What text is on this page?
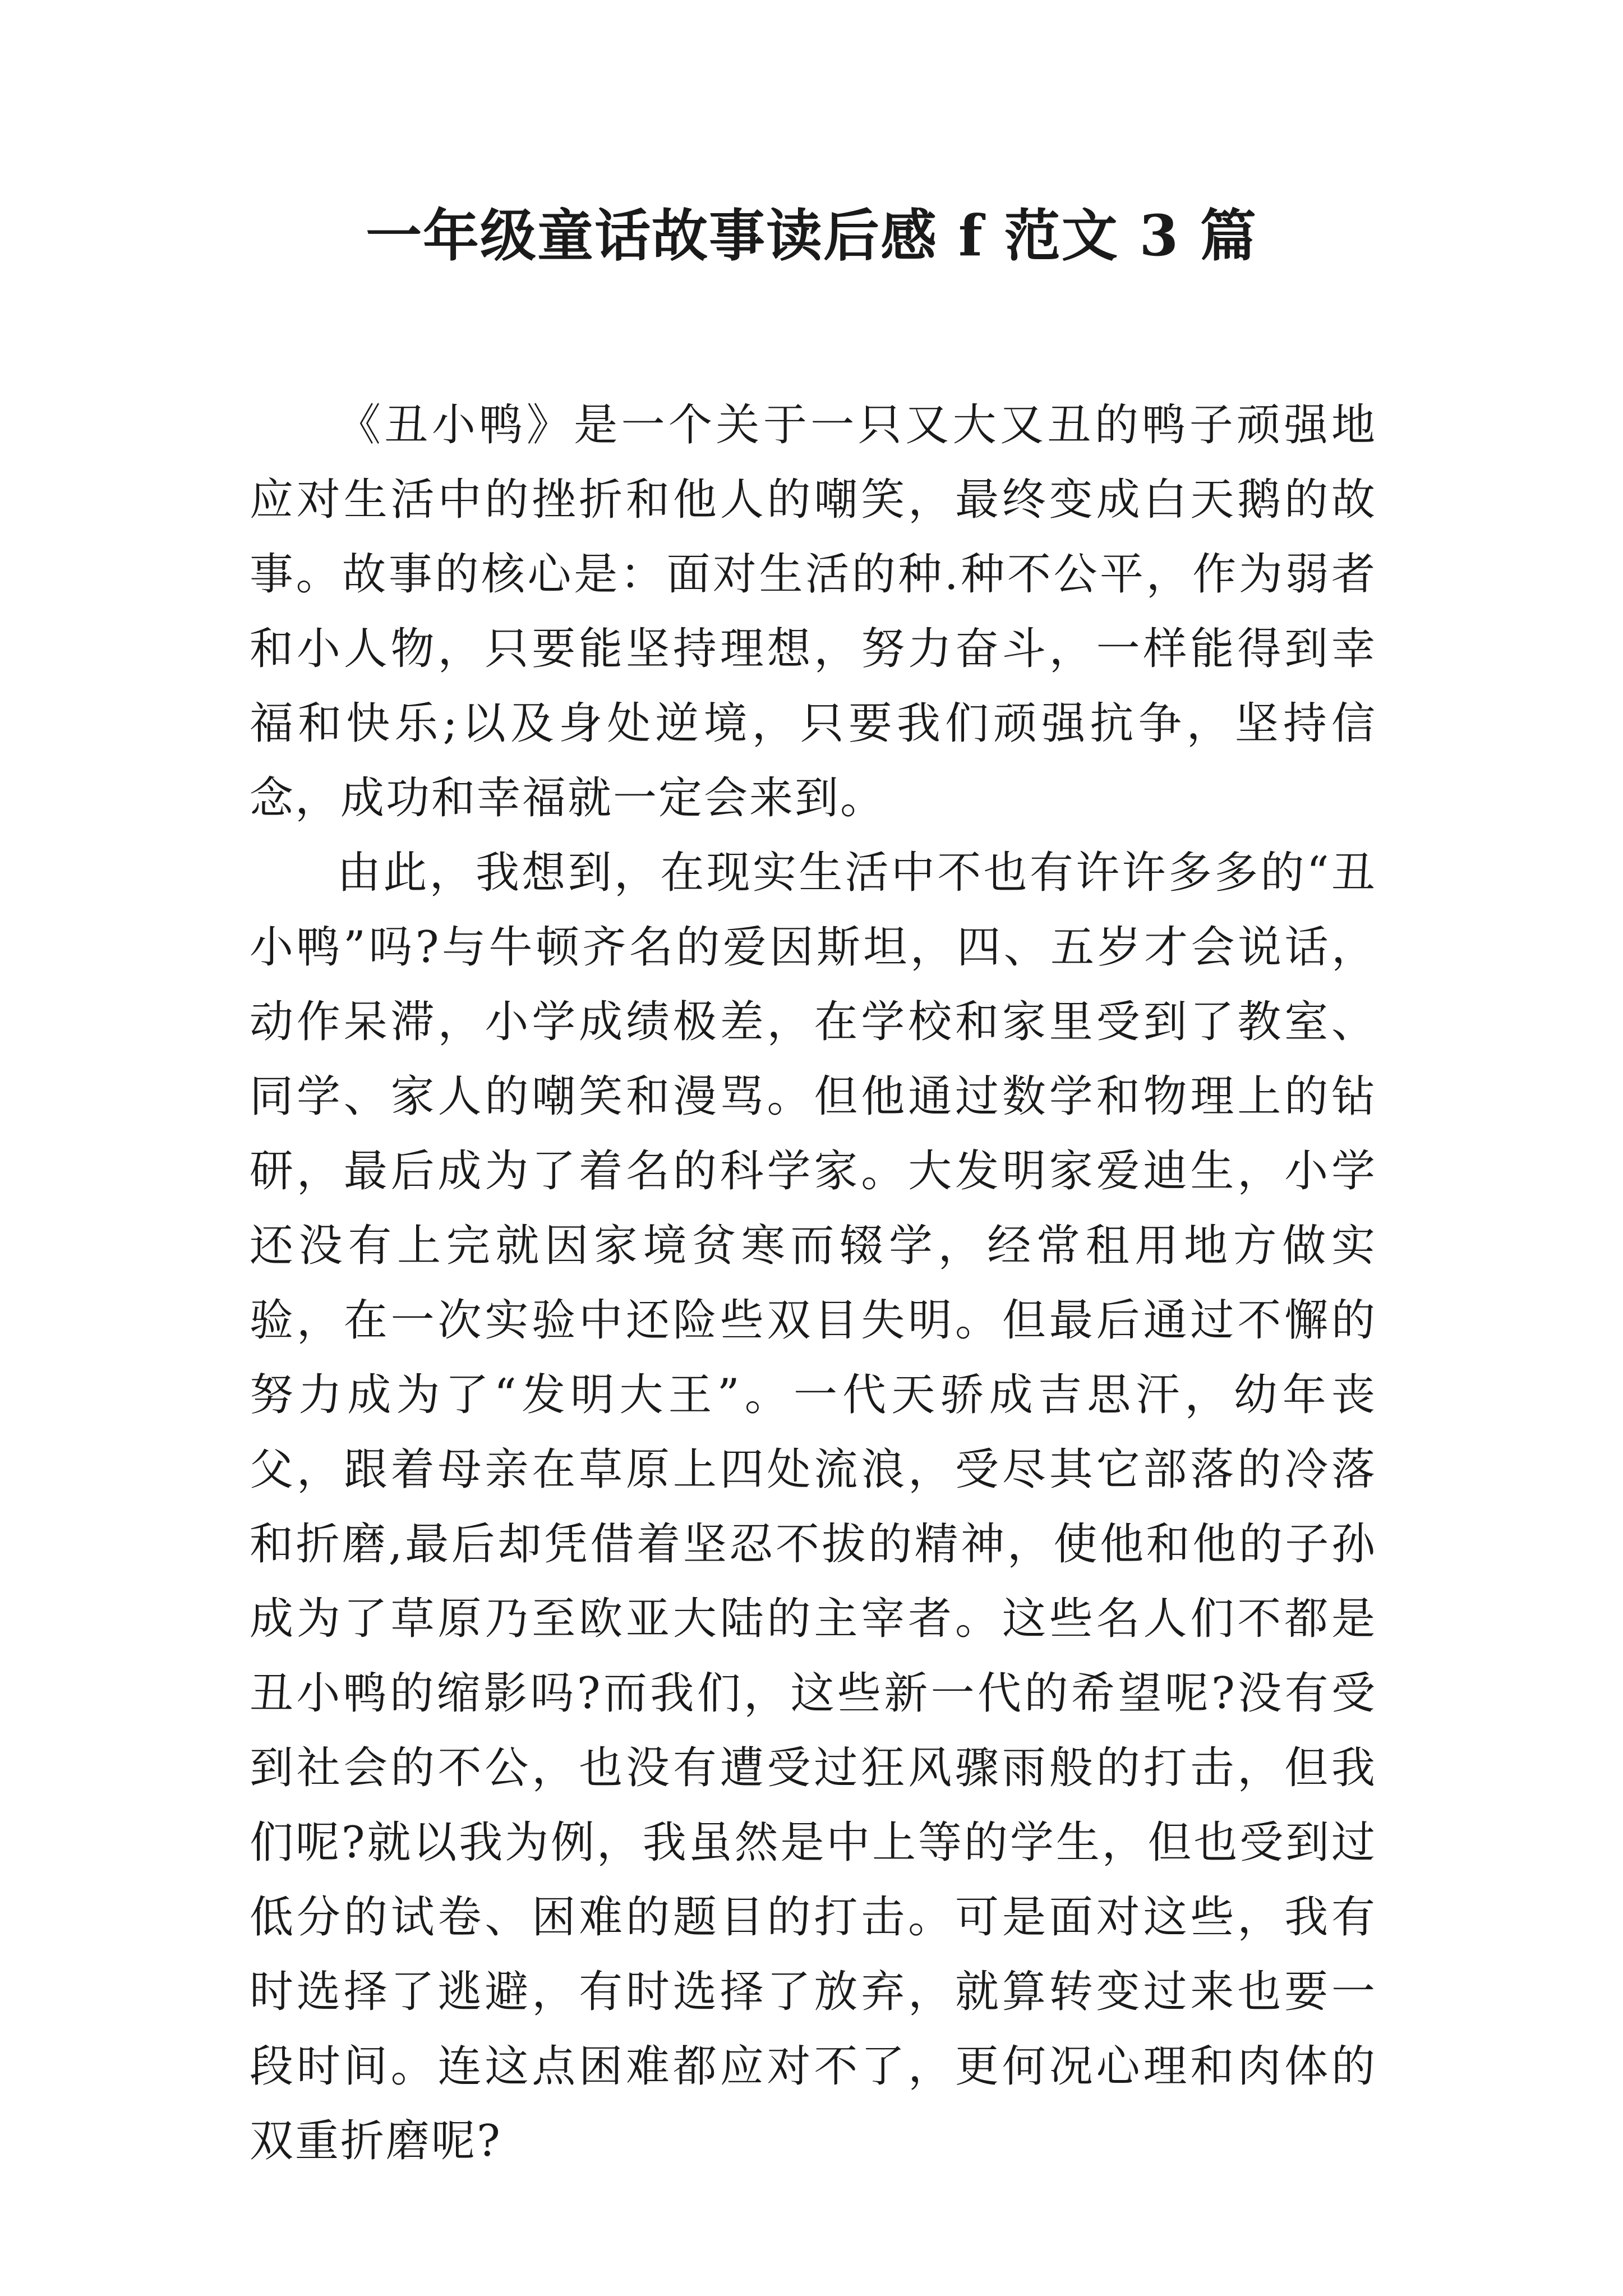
一年级童话故事读后感 f 范文 3 篇

《丑小鸭》是一个关于一只又大又丑的鸭子顽强地应对生活中的挫折和他人的嘲笑，最终变成白天鹅的故事。故事的核心是：面对生活的种.种不公平，作为弱者和小人物，只要能坚持理想，努力奋斗，一样能得到幸福和快乐;以及身处逆境，只要我们顽强抗争，坚持信念，成功和幸福就一定会来到。

由此，我想到，在现实生活中不也有许许多多的“丑小鸭”吗?与牛顿齐名的爱因斯坦，四、五岁才会说话，动作呆滞，小学成绩极差，在学校和家里受到了教室、同学、家人的嘲笑和漫骂。但他通过数学和物理上的钻研，最后成为了着名的科学家。大发明家爱迪生，小学还没有上完就因家境贫寒而辍学，经常租用地方做实验，在一次实验中还险些双目失明。但最后通过不懈的努力成为了“发明大王”。一代天骄成吉思汗，幼年丧父，跟着母亲在草原上四处流浪，受尽其它部落的冷落和折磨,最后却凭借着坚忍不拔的精神，使他和他的子孙成为了草原乃至欧亚大陆的主宰者。这些名人们不都是丑小鸭的缩影吗?而我们，这些新一代的希望呢?没有受到社会的不公，也没有遭受过狂风骤雨般的打击，但我们呢?就以我为例，我虽然是中上等的学生，但也受到过低分的试卷、困难的题目的打击。可是面对这些，我有时选择了逃避，有时选择了放弃，就算转变过来也要一段时间。连这点困难都应对不了，更何况心理和肉体的双重折磨呢?
